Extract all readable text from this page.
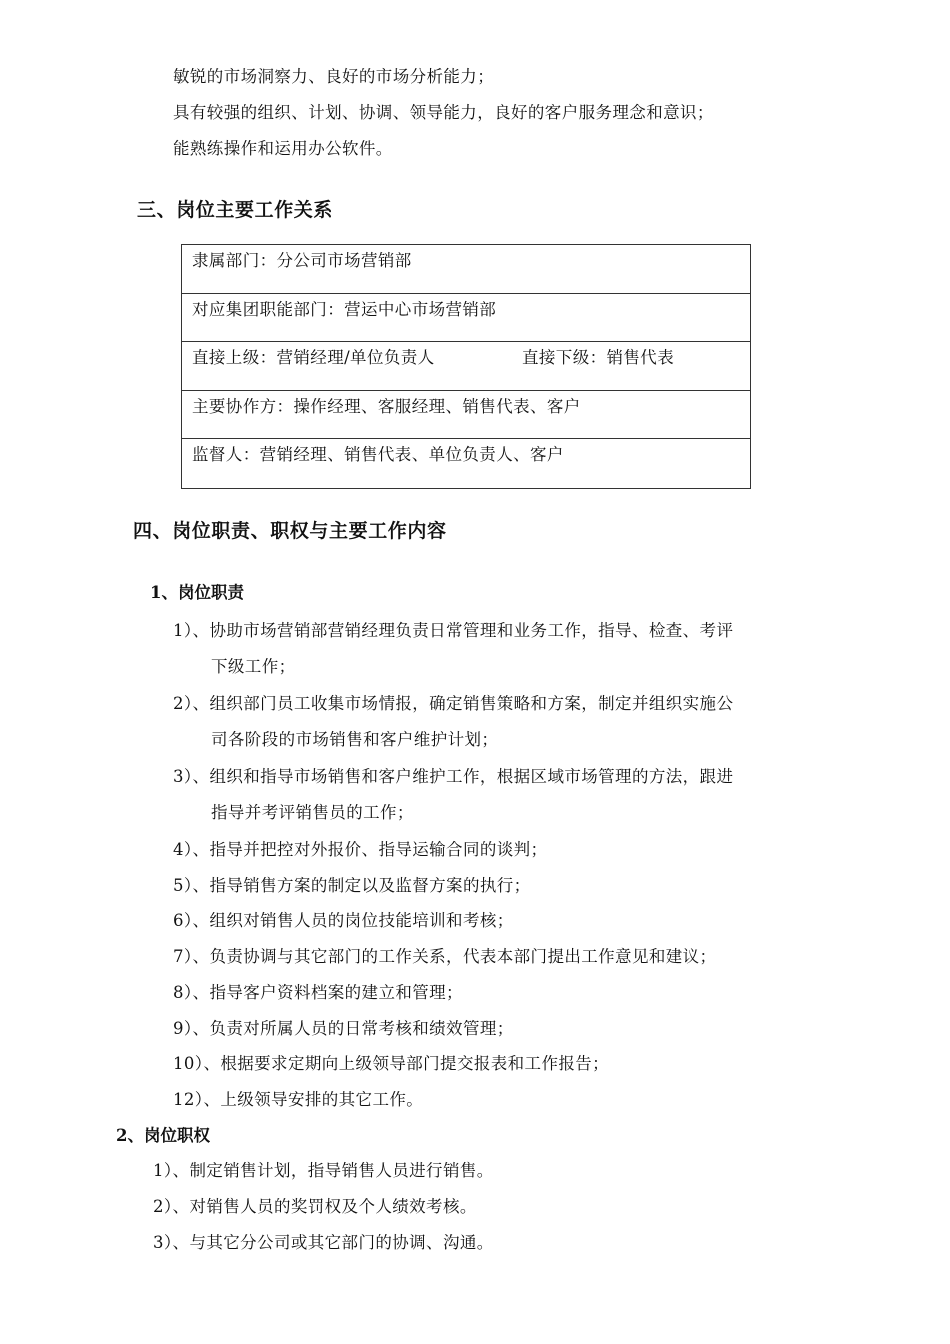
敏锐的市场洞察力、良好的市场分析能力；
具有较强的组织、计划、协调、领导能力，良好的客户服务理念和意识；
能熟练操作和运用办公软件。
三、岗位主要工作关系
隶属部门：分公司市场营销部
对应集团职能部门：营运中心市场营销部
直接上级：营销经理/单位负责人	直接下级：销售代表
主要协作方：操作经理、客服经理、销售代表、客户
监督人：营销经理、销售代表、单位负责人、客户
四、岗位职责、职权与主要工作内容
1、岗位职责
1）、协助市场营销部营销经理负责日常管理和业务工作，指导、检查、考评
下级工作；
2）、组织部门员工收集市场情报，确定销售策略和方案，制定并组织实施公
司各阶段的市场销售和客户维护计划；
3）、组织和指导市场销售和客户维护工作，根据区域市场管理的方法，跟进
指导并考评销售员的工作；
4）、指导并把控对外报价、指导运输合同的谈判；
5）、指导销售方案的制定以及监督方案的执行；
6）、组织对销售人员的岗位技能培训和考核；
7）、负责协调与其它部门的工作关系，代表本部门提出工作意见和建议；
8）、指导客户资料档案的建立和管理；
9）、负责对所属人员的日常考核和绩效管理；
10）、根据要求定期向上级领导部门提交报表和工作报告；
12）、上级领导安排的其它工作。
2、岗位职权
1）、制定销售计划，指导销售人员进行销售。
2）、对销售人员的奖罚权及个人绩效考核。
3）、与其它分公司或其它部门的协调、沟通。
